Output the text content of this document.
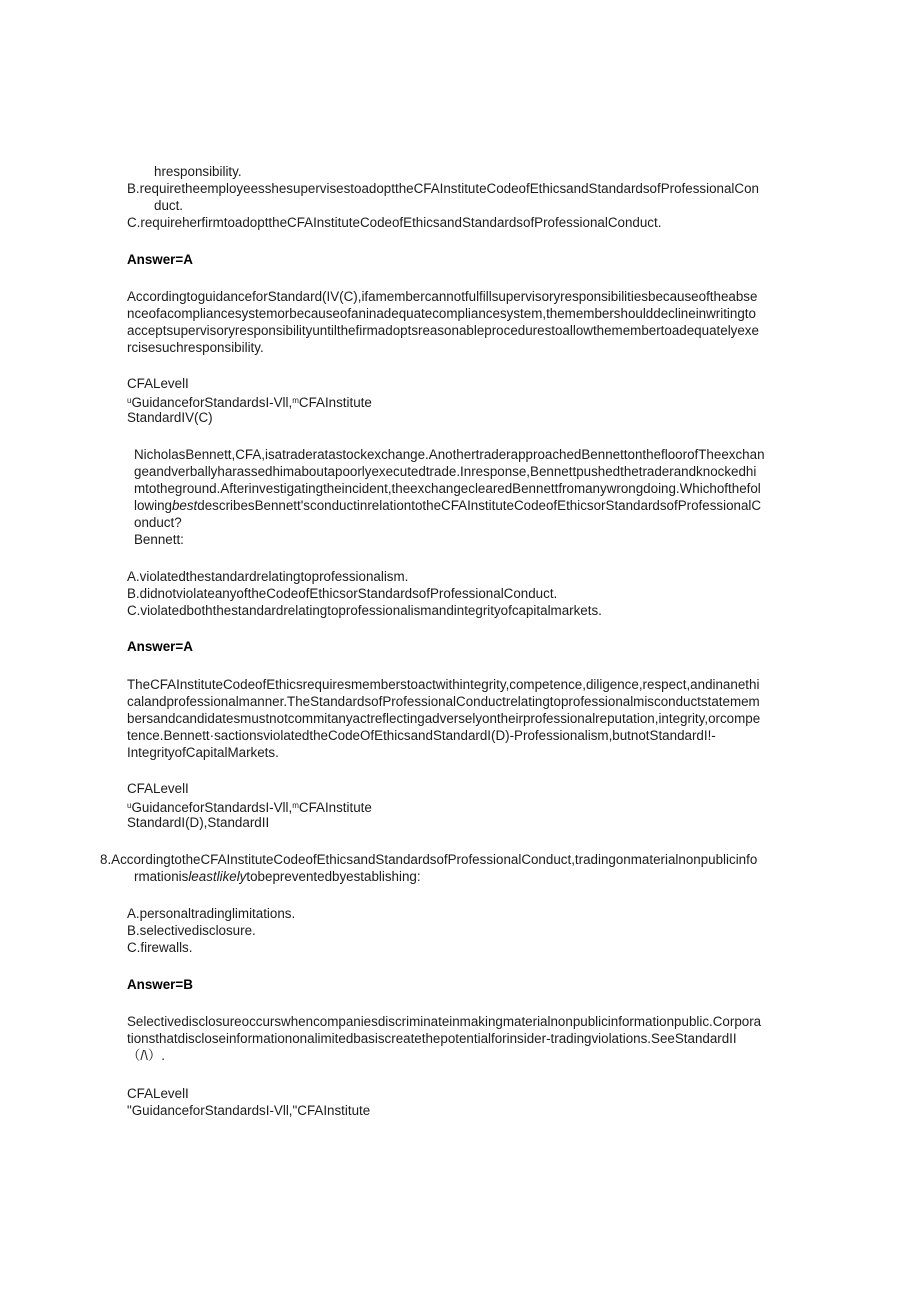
hresponsibility.
B.requiretheemployeesshesupervisestoadopttheCFAInstituteCodeofEthicsandStandardsofProfessionalCon
duct.
C.requireherfirmtoadopttheCFAInstituteCodeofEthicsandStandardsofProfessionalConduct.
Answer=A
AccordingtoguidanceforStandard(IV(C),ifamembercannotfulfillsupervisoryresponsibilitiesbecauseoftheabse
nceofacompliancesystemorbecauseofaninadequatecompliancesystem,themembershoulddeclineinwritingto
acceptsupervisoryresponsibilityuntilthefirmadoptsreasonableprocedurestoallowthemembertoadequatelyexe
rcisesuchresponsibility.
CFALevelI
$^u$GuidanceforStandardsI-Vll,$^m$CFAInstitute
StandardIV(C)
NicholasBennett,CFA,isatraderatastockexchange.AnothertraderapproachedBennettonthefloorofTheexchan
geandverballyharassedhimaboutapoorlyexecutedtrade.Inresponse,Bennettpushedthetraderandknockedhi
mtotheground.Afterinvestigatingtheincident,theexchangeclearedBennettfromanywrongdoing.Whichofthefol
lowingbestdescribesBennett'sconductinrelationtotheCFAInstituteCodeofEthicsorStandardsofProfessionalC
onduct?
Bennett:
A.violatedthestandardrelatingtoprofessionalism.
B.didnotviolateanyoftheCodeofEthicsorStandardsofProfessionalConduct.
C.violatedboththestandardrelatingtoprofessionalismandintegrityofcapitalmarkets.
Answer=A
TheCFAInstituteCodeofEthicsrequiresmemberstoactwithintegrity,competence,diligence,respect,andinanethi
calandprofessionalmanner.TheStandardsofProfessionalConductrelatingtoprofessionalmisconductstatemem
bersandcandidatesmustnotcommitanyactreflectingadverselyontheirprofessionalreputation,integrity,orcompe
tence.Bennett·sactionsviolatedtheCodeOfEthicsandStandardI(D)-Professionalism,butnotStandardI!-
IntegrityofCapitalMarkets.
CFALevelI
$^u$GuidanceforStandardsI-Vll,$^m$CFAInstitute
StandardI(D),StandardII
8.AccordingtotheCFAInstituteCodeofEthicsandStandardsofProfessionalConduct,tradingonmaterialnonpublicinfo
rmationisleastlikelytobepreventedbyestablishing:
A.personaltradinglimitations.
B.selectivedisclosure.
C.firewalls.
Answer=B
Selectivedisclosureoccurswhencompaniesdiscriminateinmakingmaterialnonpublicinformationpublic.Corpora
tionsthatdiscloseinformationonalimitedbasiscreatethepotentialforinsider-tradingviolations.SeeStandardII
（/\）.
CFALevelI
"GuidanceforStandardsI-Vll,"CFAInstitute
